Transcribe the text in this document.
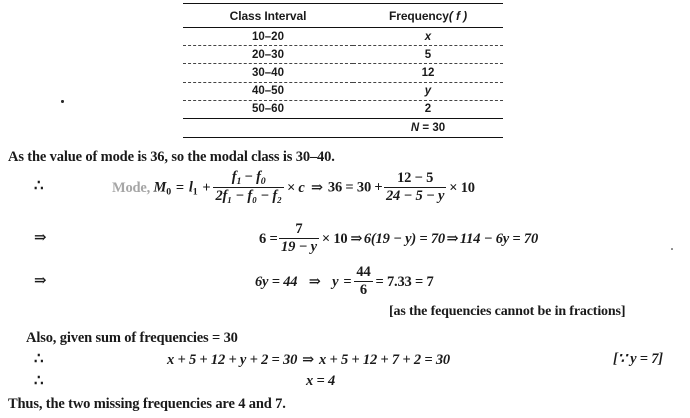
Class Interval	Frequency( f )
10–20	x
20–30	5
30–40	12
40–50	y
50–60	2
	N = 30
As the value of mode is 36, so the modal class is 30–40.
∴	Mode, $M_0 = l_1 + \frac{f_1 - f_0}{\text{2f₁ − f₀ − f₂}} \times c$ ⇒ $36 = 30 + \frac{12 - 5}{24 - 5 - y} \times 10$
⇒	$6 = \frac{7}{19 - y} \times 10$ ⇒ 6(19 − y) = 70 ⇒ 114 − 6y = 70
⇒	6y = 44 ⇒ $y = \frac{44}{6} = 7.33 = 7$
[as the fequencies cannot be in fractions]
Also, given sum of frequencies = 30
∴	x + 5 + 12 + y + 2 = 30 ⇒ x + 5 + 12 + 7 + 2 = 30	[∵ y = 7]
∴	x = 4
Thus, the two missing frequencies are 4 and 7.
